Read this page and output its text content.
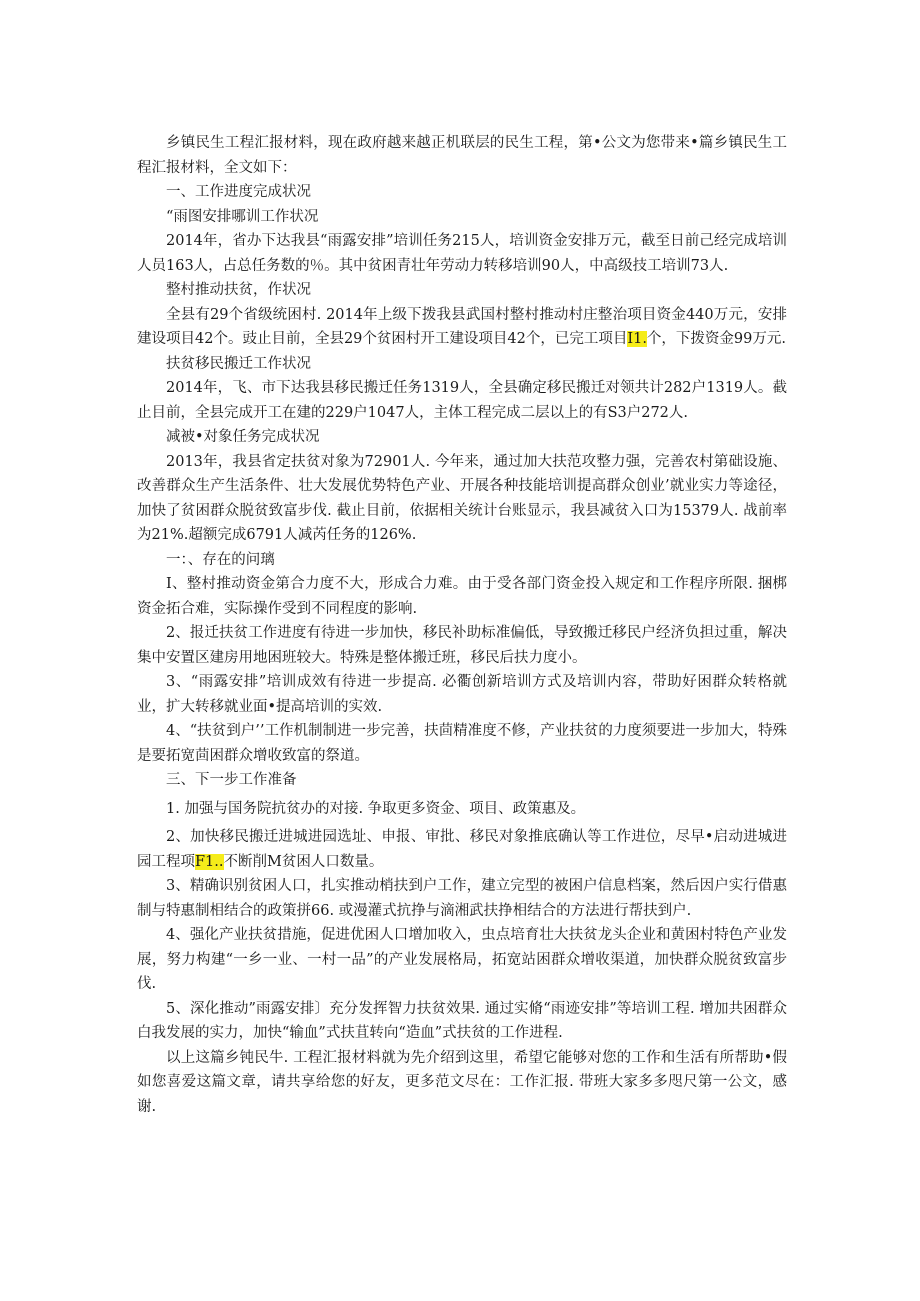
乡镇民生工程汇报材料，现在政府越来越正机联层的民生工程，第•公文为您带来•篇乡镇民生工程汇报材料，全文如下：

一、工作进度完成状况

“雨图安排哪训工作状况

2014年，省办下达我县“雨露安排”培训任务215人，培训资金安排万元，截至日前己经完成培训人员163人，占总任务数的％。其中贫困青壮年劳动力转移培训90人，中高级技工培训73人.

整村推动扶贫，作状况

全县有29个省级统困村. 2014年上级下拨我县武国村整村推动村庄整治项目资金440万元，安排建设项目42个。豉止目前，全县29个贫困村开工建设项目42个，已完工项目I1.个，下拨资金99万元.

扶贫移民搬迁工作状况

2014年，飞、市下达我县移民搬迁任务1319人，全县确定移民搬迁对领共计282户1319人。截止目前，全县完成开工在建的229户1047人，主体工程完成二层以上的有S3户272人.

减被•对象任务完成状况

2013年，我县省定扶贫对象为72901人. 今年来，通过加大扶范攻整力强，完善农村第础设施、改善群众生产生活条件、壮大发展优势特色产业、开展各种技能培训提高群众创业’就业实力等途径，加快了贫困群众脱贫致富步伐. 截止目前，依据相关统计台账显示，我县减贫入口为15379人. 战前率为21%.超额完成6791人减芮任务的126%.

一：、存在的问璃

I、整村推动资金第合力度不大，形成合力难。由于受各部门资金投入规定和工作程序所限. 捆梆资金拓合难，实际操作受到不同程度的影响.

2、报迁扶贫工作进度有待进一步加快，移民补助标准偏低，导致搬迁移民户经济负担过重，解决集中安置区建房用地困班较大。特殊是整体搬迁班，移民后扶力度小。

3、“雨露安排”培训成效有待进一步提高. 必衢创新培训方式及培训内容，带助好困群众转格就业，扩大转移就业面•提高培训的实效.

4、“扶贫到户’’工作机制制进一步完善，扶茴精准度不修，产业扶贫的力度须要进一步加大，特殊是要拓宽茴困群众增收致富的祭道。

三、下一步工作准备

1. 加强与国务院抗贫办的对接. 争取更多资金、项目、政策惠及。

2、加快移民搬迁进城进园选址、申报、审批、移民对象推底确认等工作进位，尽早•启动进城进园工程项F1..不断削M贫困人口数量。

3、精确识别贫困人口，扎实推动梢扶到户工作，建立完型的被困户信息档案，然后因户实行借惠制与特惠制相结合的政策拼66. 或漫灌式抗挣与滴湘武扶挣相结合的方法进行帮扶到户.

4、强化产业扶贫措施，促进优困人口增加收入，虫点培育壮大扶贫龙头企业和黄困村特色产业发展，努力构建“一乡一业、一村一品”的产业发展格局，拓宽站困群众增收渠道，加快群众脱贫致富步伐.

5、深化推动”雨露安排〕充分发挥智力扶贫效果. 通过实脩“雨迹安排”等培训工程. 增加共困群众白我发展的实力，加快“输血”式扶苴转向“造血”式扶贫的工作进程.

以上这篇乡钝民牛. 工程汇报材料就为先介绍到这里，希望它能够对您的工作和生活有所帮助•假如您喜爱这篇文章，请共享给您的好友，更多范文尽在：工作汇报. 带班大家多多咫尺第一公文，感谢.
